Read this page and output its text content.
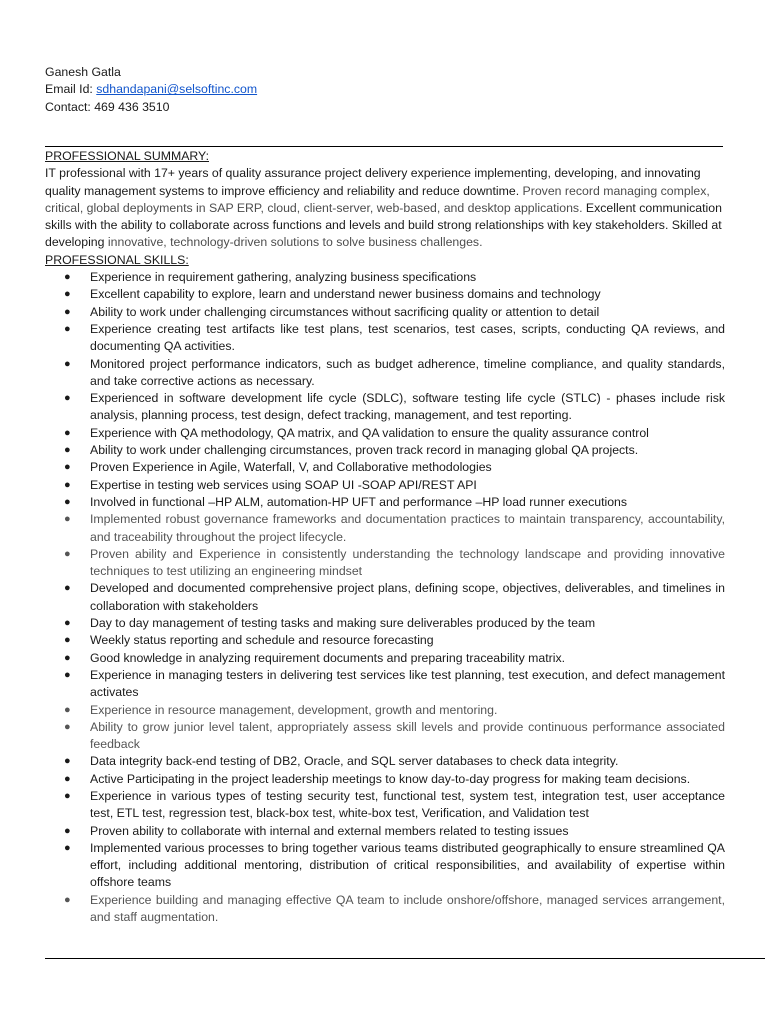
Ganesh Gatla
Email Id: sdhandapani@selsoftinc.com
Contact: 469 436 3510
PROFESSIONAL SUMMARY:
IT professional with 17+ years of quality assurance project delivery experience implementing, developing, and innovating quality management systems to improve efficiency and reliability and reduce downtime. Proven record managing complex, critical, global deployments in SAP ERP, cloud, client-server, web-based, and desktop applications. Excellent communication skills with the ability to collaborate across functions and levels and build strong relationships with key stakeholders. Skilled at developing innovative, technology-driven solutions to solve business challenges.
PROFESSIONAL SKILLS:
● Experience in requirement gathering, analyzing business specifications
● Excellent capability to explore, learn and understand newer business domains and technology
● Ability to work under challenging circumstances without sacrificing quality or attention to detail
● Experience creating test artifacts like test plans, test scenarios, test cases, scripts, conducting QA reviews, and documenting QA activities.
● Monitored project performance indicators, such as budget adherence, timeline compliance, and quality standards, and take corrective actions as necessary.
● Experienced in software development life cycle (SDLC), software testing life cycle (STLC) - phases include risk analysis, planning process, test design, defect tracking, management, and test reporting.
● Experience with QA methodology, QA matrix, and QA validation to ensure the quality assurance control
● Ability to work under challenging circumstances, proven track record in managing global QA projects.
● Proven Experience in Agile, Waterfall, V, and Collaborative methodologies
● Expertise in testing web services using SOAP UI -SOAP API/REST API
● Involved in functional –HP ALM, automation-HP UFT and performance –HP load runner executions
● Implemented robust governance frameworks and documentation practices to maintain transparency, accountability, and traceability throughout the project lifecycle.
● Proven ability and Experience in consistently understanding the technology landscape and providing innovative techniques to test utilizing an engineering mindset
● Developed and documented comprehensive project plans, defining scope, objectives, deliverables, and timelines in collaboration with stakeholders
● Day to day management of testing tasks and making sure deliverables produced by the team
● Weekly status reporting and schedule and resource forecasting
● Good knowledge in analyzing requirement documents and preparing traceability matrix.
● Experience in managing testers in delivering test services like test planning, test execution, and defect management activates
● Experience in resource management, development, growth and mentoring.
● Ability to grow junior level talent, appropriately assess skill levels and provide continuous performance associated feedback
● Data integrity back-end testing of DB2, Oracle, and SQL server databases to check data integrity.
● Active Participating in the project leadership meetings to know day-to-day progress for making team decisions.
● Experience in various types of testing security test, functional test, system test, integration test, user acceptance test, ETL test, regression test, black-box test, white-box test, Verification, and Validation test
● Proven ability to collaborate with internal and external members related to testing issues
● Implemented various processes to bring together various teams distributed geographically to ensure streamlined QA effort, including additional mentoring, distribution of critical responsibilities, and availability of expertise within offshore teams
● Experience building and managing effective QA team to include onshore/offshore, managed services arrangement, and staff augmentation.
